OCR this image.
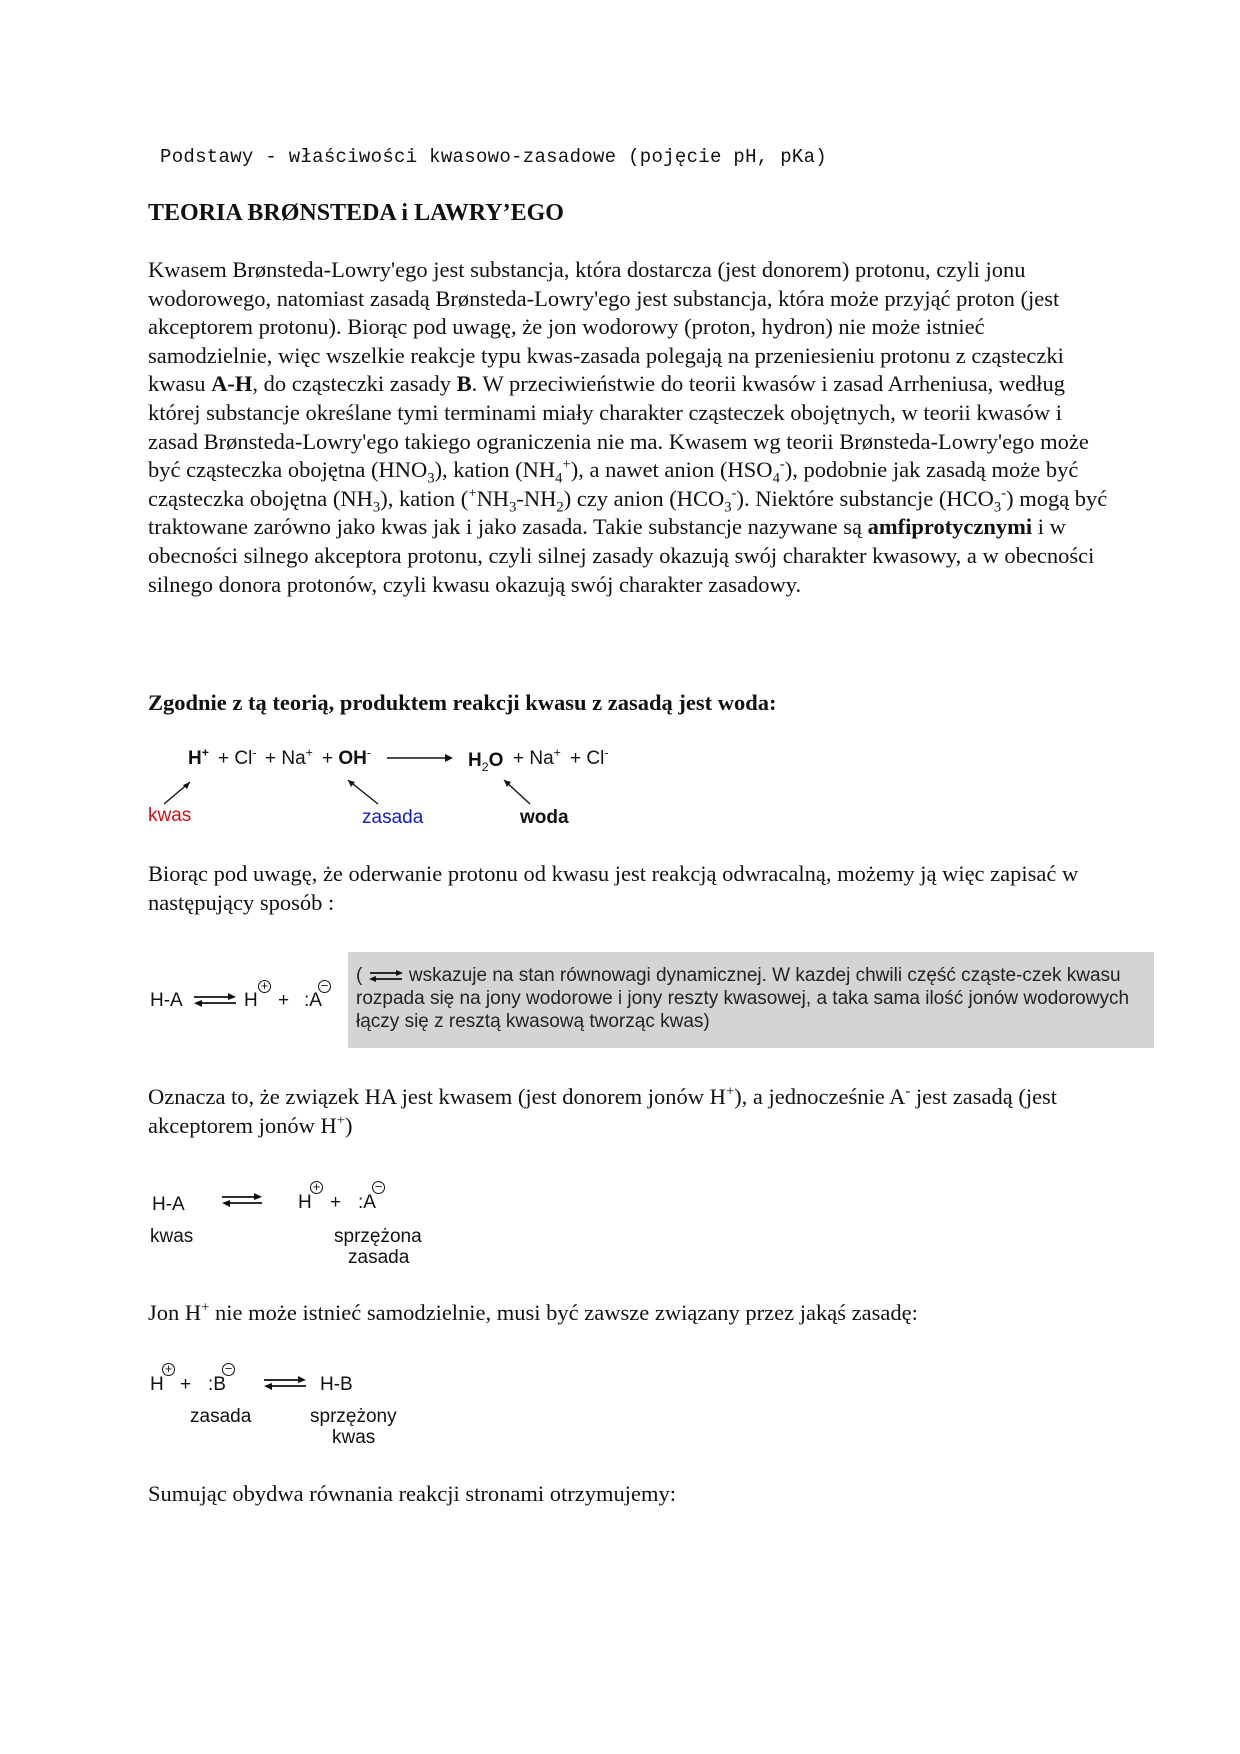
Podstawy - właściwości kwasowo-zasadowe (pojęcie pH, pKa)
TEORIA BRØNSTEDA i LAWRY’EGO

Kwasem Brønsteda-Lowry'ego jest substancja, która dostarcza (jest donorem) protonu, czyli jonu wodorowego, natomiast zasadą Brønsteda-Lowry'ego jest substancja, która może przyjąć proton (jest akceptorem protonu). Biorąc pod uwagę, że jon wodorowy (proton, hydron) nie może istnieć samodzielnie, więc wszelkie reakcje typu kwas-zasada polegają na przeniesieniu protonu z cząsteczki kwasu A-H, do cząsteczki zasady B. W przeciwieństwie do teorii kwasów i zasad Arrheniusa, według której substancje określane tymi terminami miały charakter cząsteczek obojętnych, w teorii kwasów i zasad Brønsteda-Lowry'ego takiego ograniczenia nie ma. Kwasem wg teorii Brønsteda-Lowry'ego może być cząsteczka obojętna $(HNO_3)$, kation $(NH_4^+)$, a nawet anion $(HSO_4^-)$, podobnie jak zasadą może być cząsteczka obojętna $(NH_3)$, kation $(^+NH_3-NH_2)$ czy anion $(HCO_3^-)$. Niektóre substancje $(HCO_3^-)$ mogą być traktowane zarówno jako kwas jak i jako zasada. Takie substancje nazywane są amfiprotycznymi i w obecności silnego akceptora protonu, czyli silnej zasady okazują swój charakter kwasowy, a w obecności silnego donora protonów, czyli kwasu okazują swój charakter zasadowy.

Zgodnie z tą teorią, produktem reakcji kwasu z zasadą jest woda:
$H^+ + Cl^- + Na^+ + OH^- \to H_2O + Na^+ + Cl^-$
kwas	zasada	woda

Biorąc pod uwagę, że oderwanie protonu od kwasu jest reakcją odwracalną, możemy ją więc zapisać w następujący sposób :

H-A ⇌ H
+
+ :A
− ( ⇌ wskazuje na stan równowagi dynamicznej. W kazdej chwili część cząste-czek kwasu rozpada się na jony wodorowe i jony reszty kwasowej, a taka sama ilość jonów wodorowych łączy się z resztą kwasową tworząc kwas)

Oznacza to, że związek HA jest kwasem (jest donorem jonów H+), a jednocześnie A- jest zasadą (jest akceptorem jonów H+)

H-A	H
+
+ :A
−
kwas	sprzężona
zasada

Jon H+ nie może istnieć samodzielnie, musi być zawsze związany przez jakąś zasadę:

H
+
+ :B
−
⇌ H-B
zasada	sprzężony
kwas

Sumując obydwa równania reakcji stronami otrzymujemy:
